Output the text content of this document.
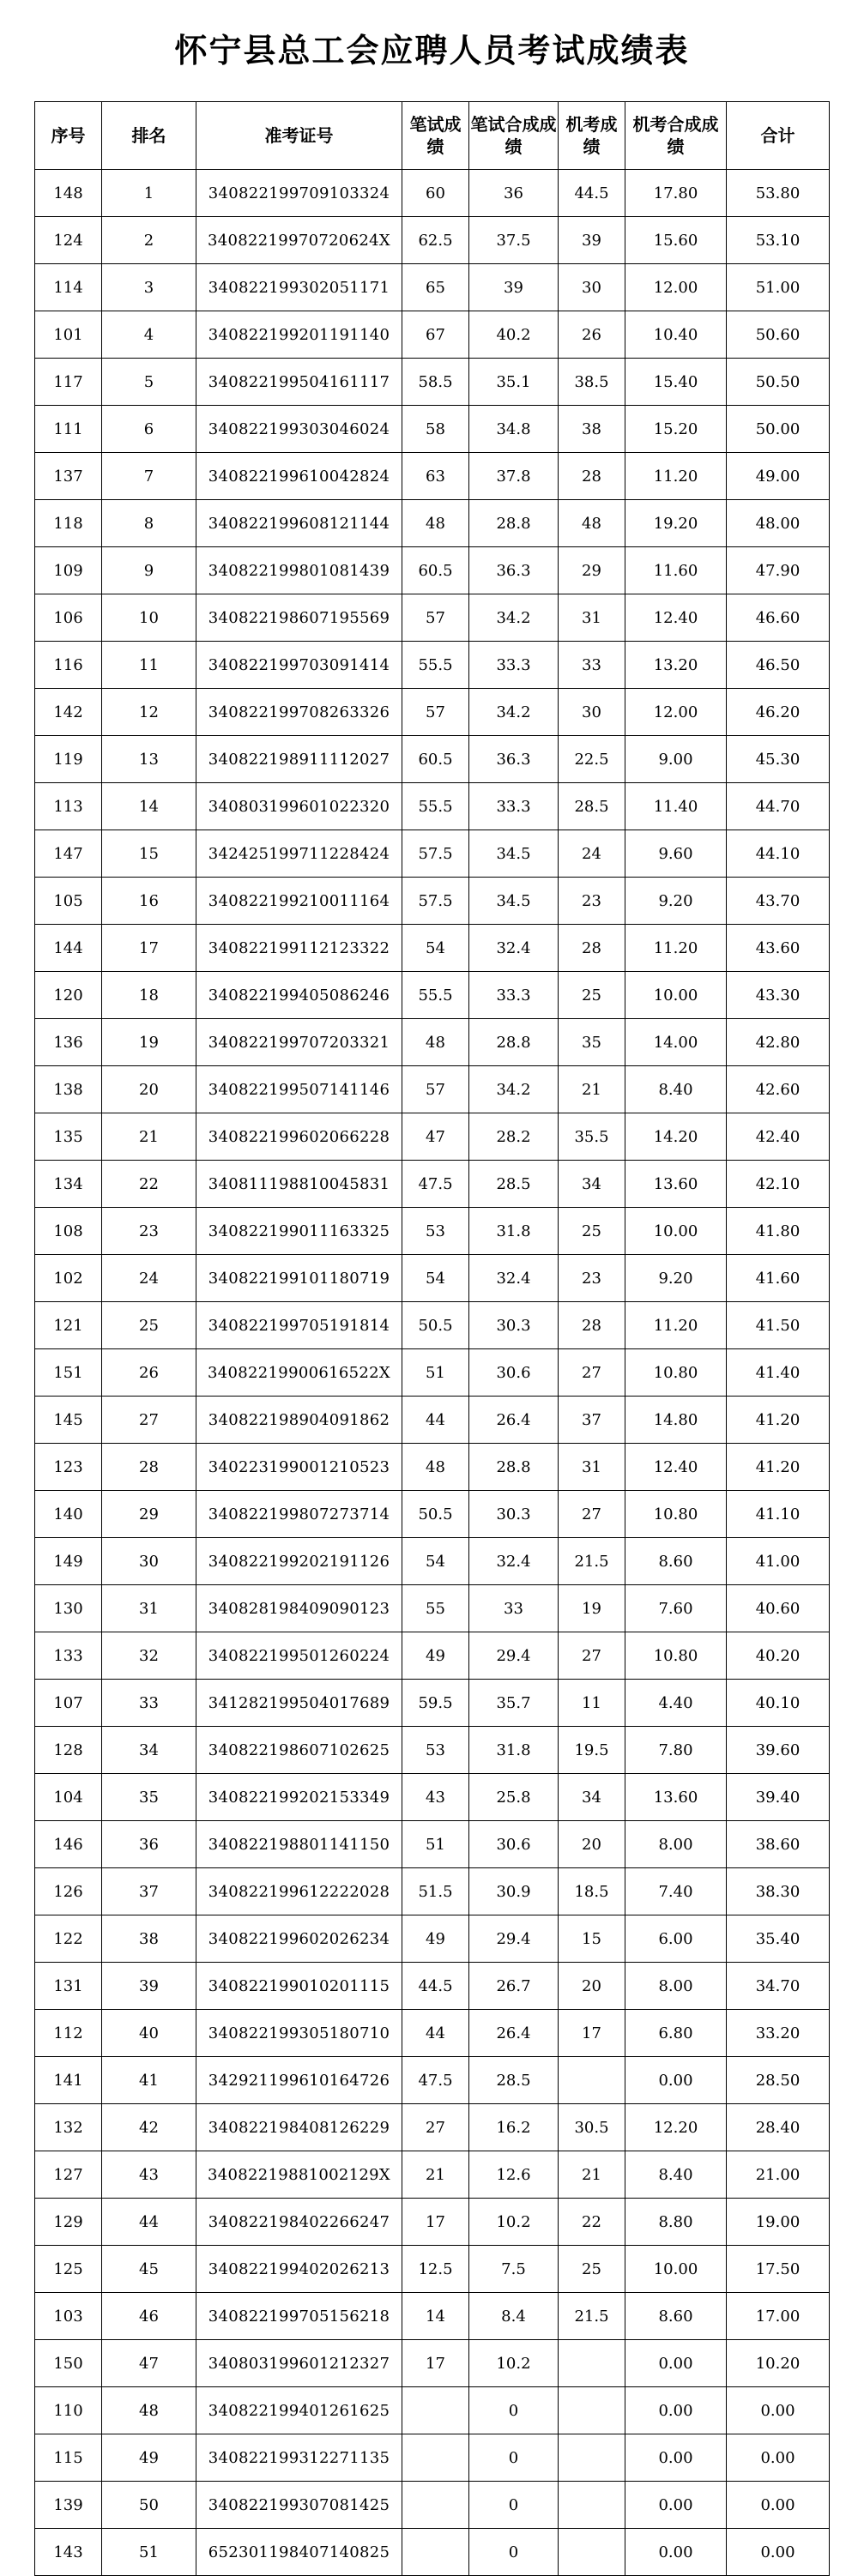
怀宁县总工会应聘人员考试成绩表
序号	排名	准考证号	笔试成绩	笔试合成成绩	机考成绩	机考合成成绩	合计
148	1	340822199709103324	60	36	44.5	17.80	53.80
124	2	34082219970720624X	62.5	37.5	39	15.60	53.10
114	3	340822199302051171	65	39	30	12.00	51.00
101	4	340822199201191140	67	40.2	26	10.40	50.60
117	5	340822199504161117	58.5	35.1	38.5	15.40	50.50
111	6	340822199303046024	58	34.8	38	15.20	50.00
137	7	340822199610042824	63	37.8	28	11.20	49.00
118	8	340822199608121144	48	28.8	48	19.20	48.00
109	9	340822199801081439	60.5	36.3	29	11.60	47.90
106	10	340822198607195569	57	34.2	31	12.40	46.60
116	11	340822199703091414	55.5	33.3	33	13.20	46.50
142	12	340822199708263326	57	34.2	30	12.00	46.20
119	13	340822198911112027	60.5	36.3	22.5	9.00	45.30
113	14	340803199601022320	55.5	33.3	28.5	11.40	44.70
147	15	342425199711228424	57.5	34.5	24	9.60	44.10
105	16	340822199210011164	57.5	34.5	23	9.20	43.70
144	17	340822199112123322	54	32.4	28	11.20	43.60
120	18	340822199405086246	55.5	33.3	25	10.00	43.30
136	19	340822199707203321	48	28.8	35	14.00	42.80
138	20	340822199507141146	57	34.2	21	8.40	42.60
135	21	340822199602066228	47	28.2	35.5	14.20	42.40
134	22	340811198810045831	47.5	28.5	34	13.60	42.10
108	23	340822199011163325	53	31.8	25	10.00	41.80
102	24	340822199101180719	54	32.4	23	9.20	41.60
121	25	340822199705191814	50.5	30.3	28	11.20	41.50
151	26	34082219900616522X	51	30.6	27	10.80	41.40
145	27	340822198904091862	44	26.4	37	14.80	41.20
123	28	340223199001210523	48	28.8	31	12.40	41.20
140	29	340822199807273714	50.5	30.3	27	10.80	41.10
149	30	340822199202191126	54	32.4	21.5	8.60	41.00
130	31	340828198409090123	55	33	19	7.60	40.60
133	32	340822199501260224	49	29.4	27	10.80	40.20
107	33	341282199504017689	59.5	35.7	11	4.40	40.10
128	34	340822198607102625	53	31.8	19.5	7.80	39.60
104	35	340822199202153349	43	25.8	34	13.60	39.40
146	36	340822198801141150	51	30.6	20	8.00	38.60
126	37	340822199612222028	51.5	30.9	18.5	7.40	38.30
122	38	340822199602026234	49	29.4	15	6.00	35.40
131	39	340822199010201115	44.5	26.7	20	8.00	34.70
112	40	340822199305180710	44	26.4	17	6.80	33.20
141	41	342921199610164726	47.5	28.5		0.00	28.50
132	42	340822198408126229	27	16.2	30.5	12.20	28.40
127	43	34082219881002129X	21	12.6	21	8.40	21.00
129	44	340822198402266247	17	10.2	22	8.80	19.00
125	45	340822199402026213	12.5	7.5	25	10.00	17.50
103	46	340822199705156218	14	8.4	21.5	8.60	17.00
150	47	340803199601212327	17	10.2		0.00	10.20
110	48	340822199401261625		0		0.00	0.00
115	49	340822199312271135		0		0.00	0.00
139	50	340822199307081425		0		0.00	0.00
143	51	652301198407140825		0		0.00	0.00
